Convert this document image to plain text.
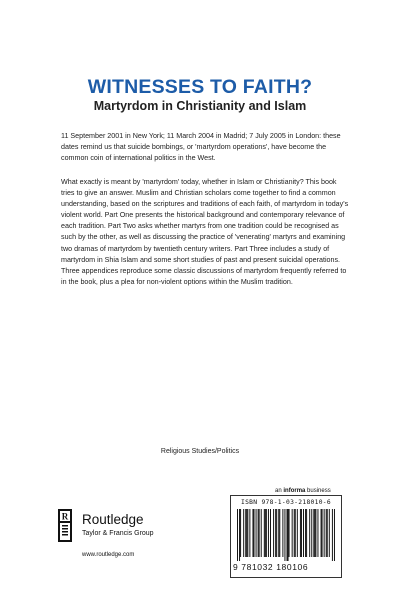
WITNESSES TO FAITH?
Martyrdom in Christianity and Islam

11 September 2001 in New York; 11 March 2004 in Madrid; 7 July 2005 in London: these dates remind us that suicide bombings, or 'martyrdom operations', have become the common coin of international politics in the West.

What exactly is meant by 'martyrdom' today, whether in Islam or Christianity? This book tries to give an answer. Muslim and Christian scholars come together to find a common understanding, based on the scriptures and traditions of each faith, of martyrdom in today's violent world. Part One presents the historical background and contemporary relevance of each tradition. Part Two asks whether martyrs from one tradition could be recognised as such by the other, as well as discussing the practice of 'venerating' martyrs and examining two dramas of martyrdom by twentieth century writers. Part Three includes a study of martyrdom in Shia Islam and some short studies of past and present suicidal operations. Three appendices reproduce some classic discussions of martyrdom frequently referred to in the book, plus a plea for non-violent options within the Muslim tradition.

Religious Studies/Politics
R Routledge
Taylor & Francis Group
www.routledge.com
an informa business
ISBN 978-1-03-218010-6
9 781032 180106
